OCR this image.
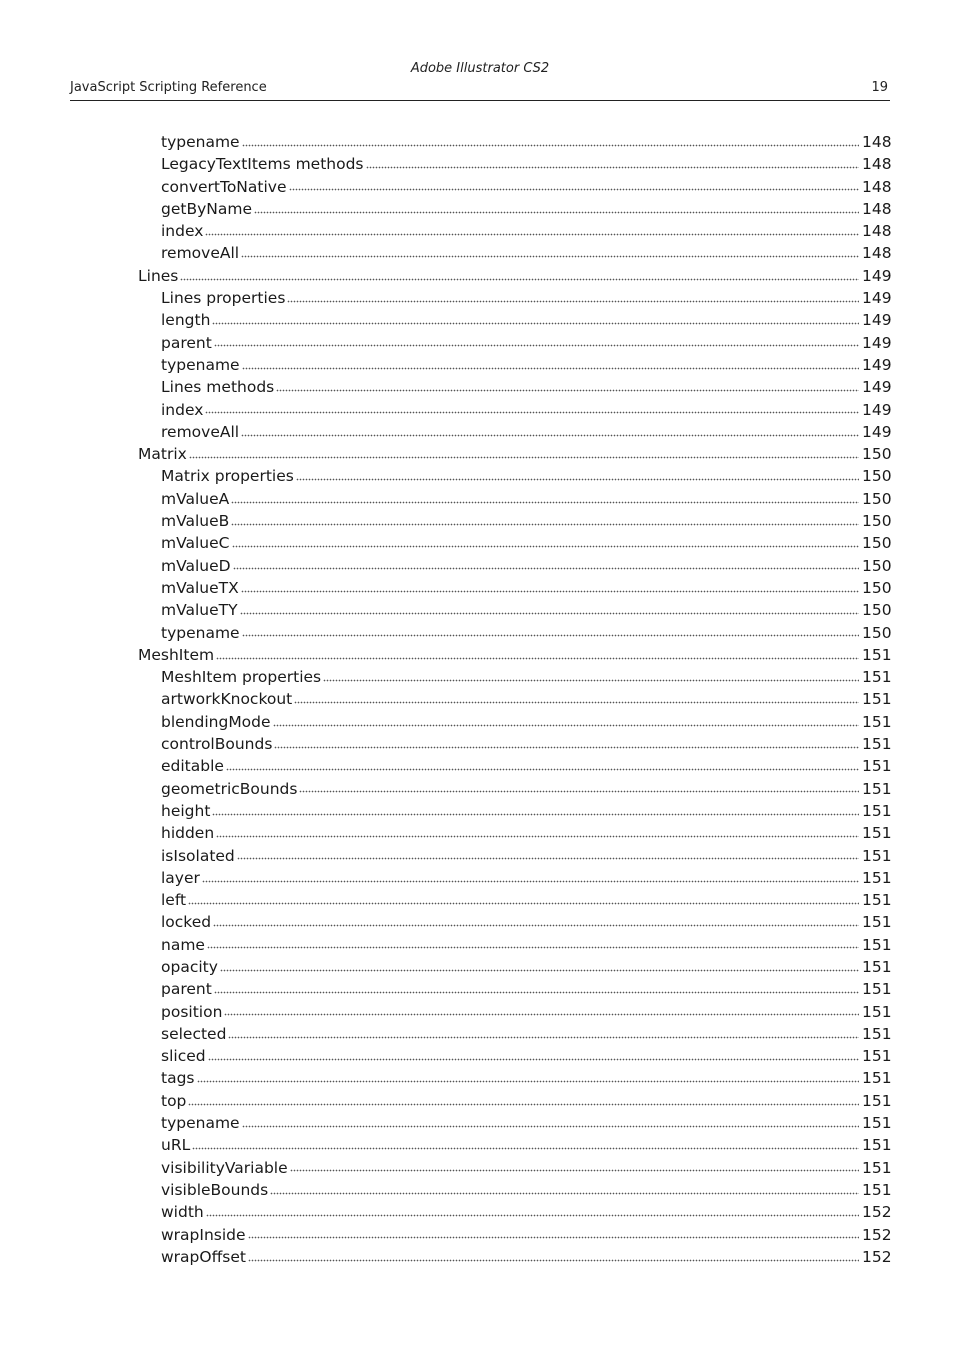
Adobe Illustrator CS2
JavaScript Scripting Reference	19
typename	148
LegacyTextItems methods	148
convertToNative	148
getByName	148
index	148
removeAll	148
Lines	149
Lines properties	149
length	149
parent	149
typename	149
Lines methods	149
index	149
removeAll	149
Matrix	150
Matrix properties	150
mValueA	150
mValueB	150
mValueC	150
mValueD	150
mValueTX	150
mValueTY	150
typename	150
MeshItem	151
MeshItem properties	151
artworkKnockout	151
blendingMode	151
controlBounds	151
editable	151
geometricBounds	151
height	151
hidden	151
isIsolated	151
layer	151
left	151
locked	151
name	151
opacity	151
parent	151
position	151
selected	151
sliced	151
tags	151
top	151
typename	151
uRL	151
visibilityVariable	151
visibleBounds	151
width	152
wrapInside	152
wrapOffset	152
